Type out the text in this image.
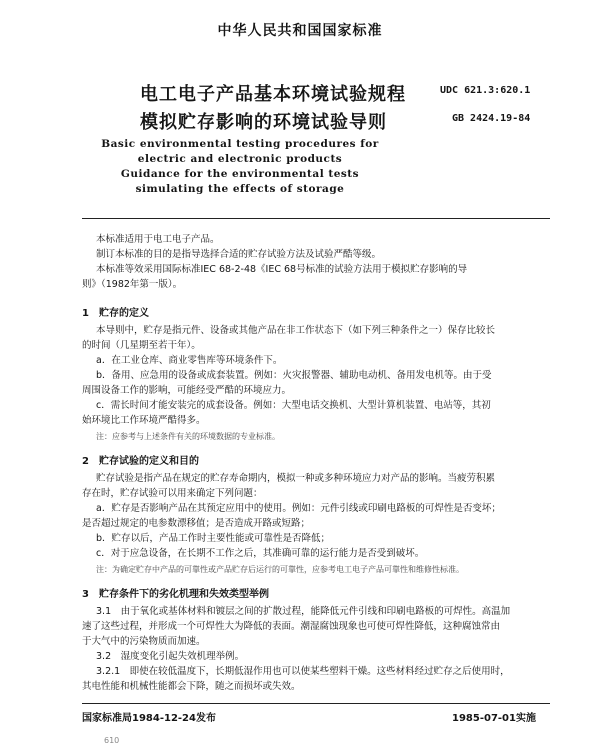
中华人民共和国国家标准
电工电子产品基本环境试验规程
模拟贮存影响的环境试验导则
UDC 621.3:620.1
GB 2424.19-84
Basic environmental testing procedures for
electric and electronic products
Guidance for the environmental tests
simulating the effects of storage
本标准适用于电工电子产品。
制订本标准的目的是指导选择合适的贮存试验方法及试验严酷等级。
本标准等效采用国际标准IEC 68-2-48《IEC 68号标准的试验方法用于模拟贮存影响的导
则》（1982年第一版）。
1　贮存的定义
本导则中，贮存是指元件、设备或其他产品在非工作状态下（如下列三种条件之一）保存比较长
的时间（几星期至若干年）。
a．在工业仓库、商业零售库等环境条件下。
b．备用、应急用的设备或成套装置。例如：火灾报警器、辅助电动机、备用发电机等。由于受
周围设备工作的影响，可能经受严酷的环境应力。
c．需长时间才能安装完的成套设备。例如：大型电话交换机、大型计算机装置、电站等，其初
始环境比工作环境严酷得多。
注：应参考与上述条件有关的环境数据的专业标准。
2　贮存试验的定义和目的
贮存试验是指产品在规定的贮存寿命期内，模拟一种或多种环境应力对产品的影响。当疲劳积累
存在时，贮存试验可以用来确定下列问题：
a．贮存是否影响产品在其预定应用中的使用。例如：元件引线或印刷电路板的可焊性是否变坏；
是否超过规定的电参数漂移值；是否造成开路或短路；
b．贮存以后，产品工作时主要性能或可靠性是否降低；
c．对于应急设备，在长期不工作之后，其准确可靠的运行能力是否受到破坏。
注：为确定贮存中产品的可靠性或产品贮存后运行的可靠性，应参考电工电子产品可靠性和维修性标准。
3　贮存条件下的劣化机理和失效类型举例
3.1　由于氧化或基体材料和镀层之间的扩散过程，能降低元件引线和印刷电路板的可焊性。高温加
速了这些过程，并形成一个可焊性大为降低的表面。潮湿腐蚀现象也可使可焊性降低，这种腐蚀常由
于大气中的污染物质而加速。
3.2　湿度变化引起失效机理举例。
3.2.1　即使在较低温度下，长期低湿作用也可以使某些塑料干燥。这些材料经过贮存之后使用时，
其电性能和机械性能都会下降，随之而损坏或失效。
国家标准局1984-12-24发布	1985-07-01实施
610
